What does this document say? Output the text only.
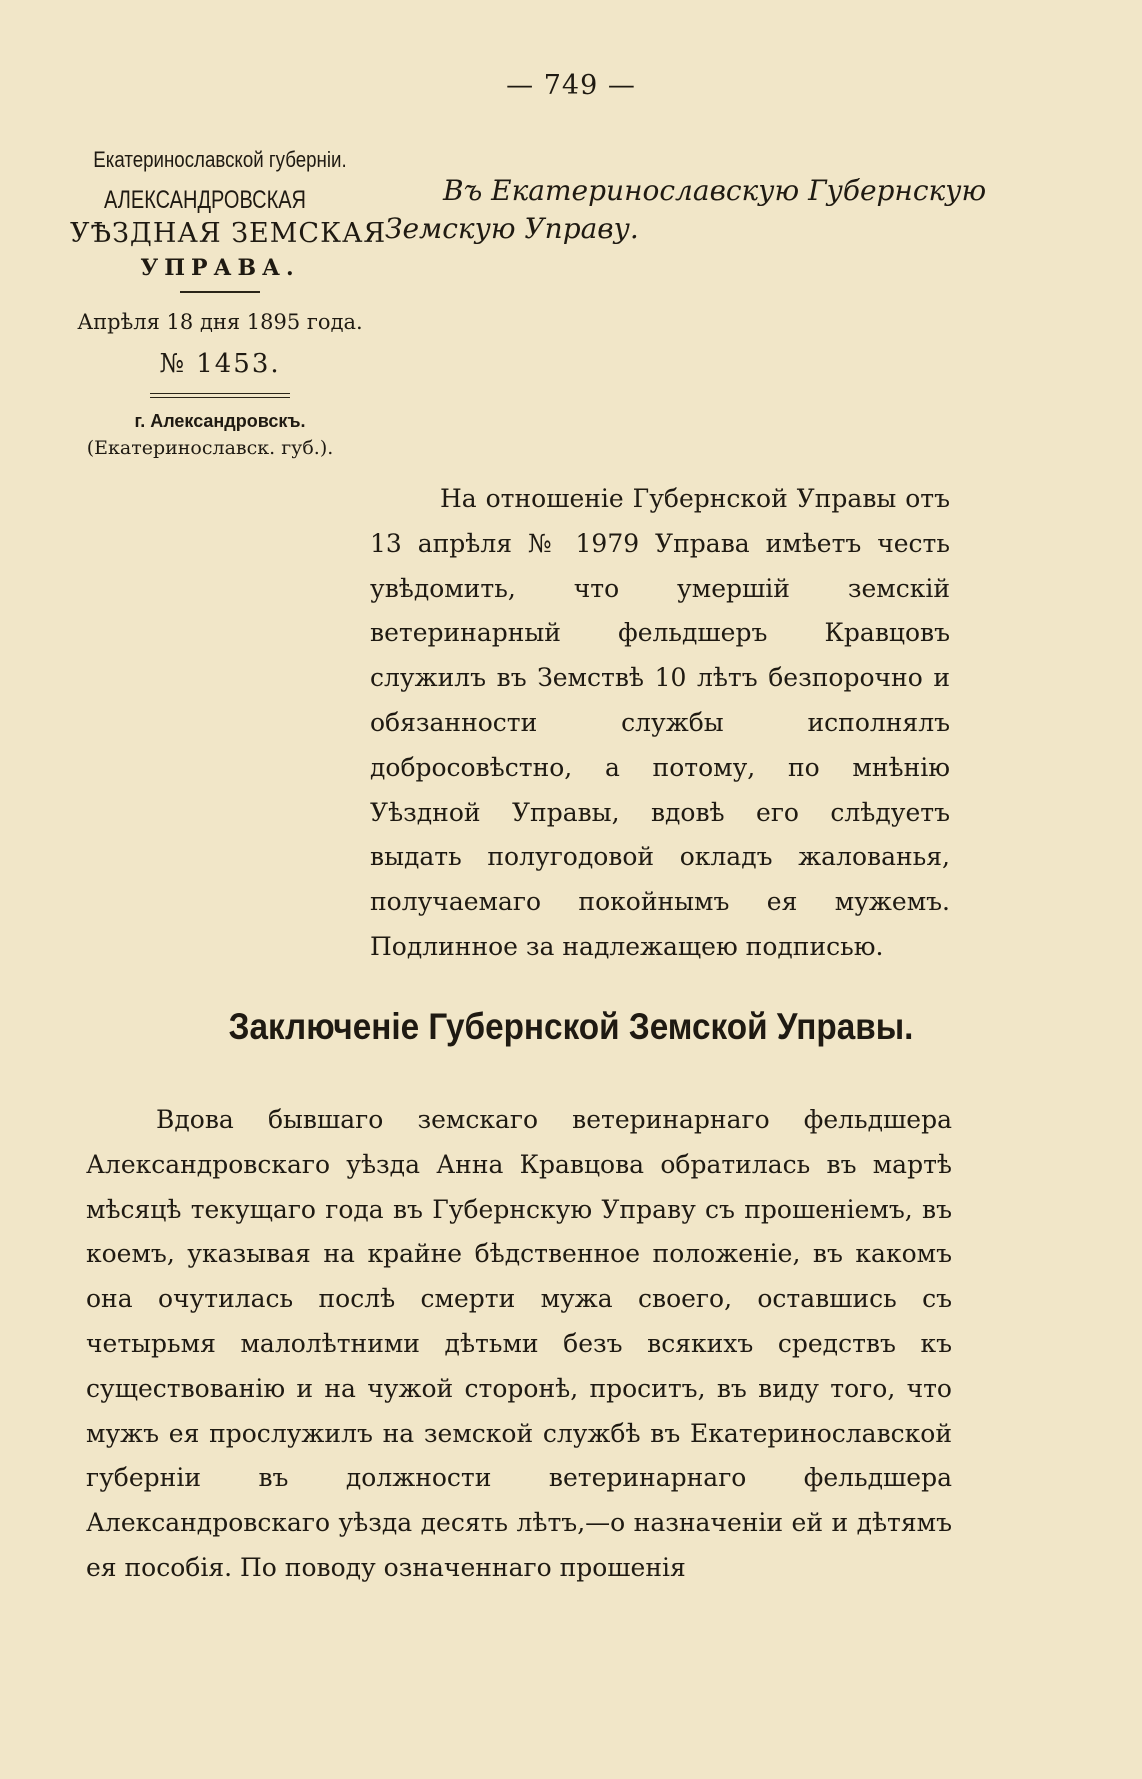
— 749 —
Екатеринославской губерніи.
АЛЕКСАНДРОВСКАЯ
УѢЗДНАЯ ЗЕМСКАЯ
УПРАВА.
Апрѣля 18 дня 1895 года.
№ 1453.
г. Александровскъ.
(Екатеринославск. губ.).
Въ Екатеринославскую Губернскую
Земскую Управу.
На отношеніе Губернской Управы отъ 13 апрѣля № 1979 Управа имѣетъ честь увѣдомить, что умершій земскій ветеринарный фельдшеръ Кравцовъ служилъ въ Земствѣ 10 лѣтъ безпорочно и обязанности службы исполнялъ добросовѣстно, а потому, по мнѣнію Уѣздной Управы, вдовѣ его слѣдуетъ выдать полугодовой окладъ жалованья, получаемаго покойнымъ ея мужемъ. Подлинное за надлежащею подписью.
Заключеніе Губернской Земской Управы.
Вдова бывшаго земскаго ветеринарнаго фельдшера Александровскаго уѣзда Анна Кравцова обратилась въ мартѣ мѣсяцѣ текущаго года въ Губернскую Управу съ прошеніемъ, въ коемъ, указывая на крайне бѣдственное положеніе, въ какомъ она очутилась послѣ смерти мужа своего, оставшись съ четырьмя малолѣтними дѣтьми безъ всякихъ средствъ къ существованію и на чужой сторонѣ, проситъ, въ виду того, что мужъ ея прослужилъ на земской службѣ въ Екатеринославской губерніи въ должности ветеринарнаго фельдшера Александровскаго уѣзда десять лѣтъ,—о назначеніи ей и дѣтямъ ея пособія. По поводу означеннаго прошенія
